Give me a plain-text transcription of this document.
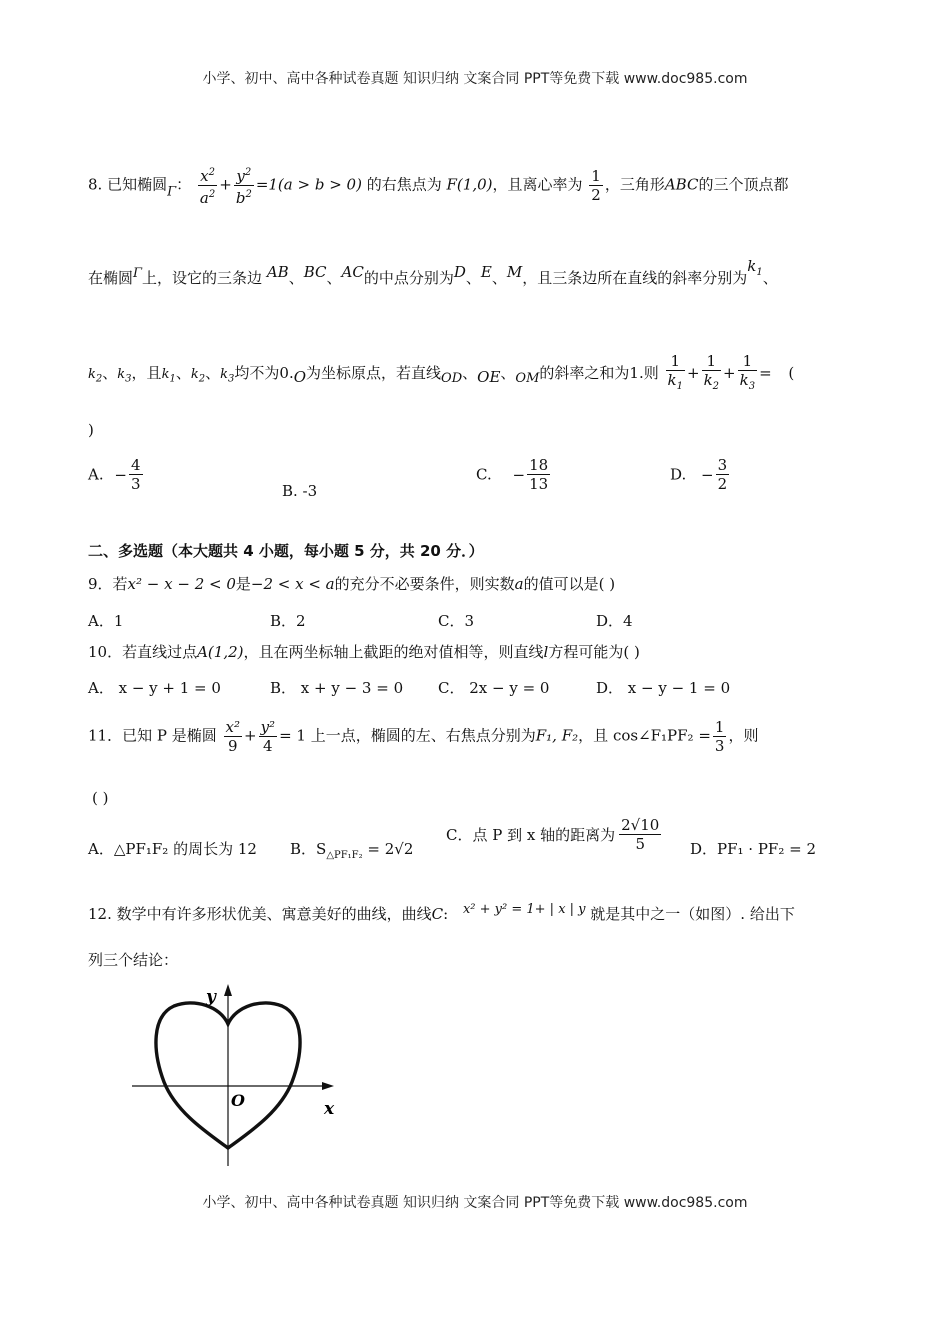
小学、初中、高中各种试卷真题 知识归纳 文案合同 PPT等免费下载 www.doc985.com
8. 已知椭圆Γ： $\frac{x^2}{a^2} + \frac{y^2}{b^2} =1(a > b > 0)$ 的右焦点为 F(1,0)，且离心率为 $\frac{1}{2}$ ，三角形ABC的三个顶点都
在椭圆Γ上，设它的三条边 AB、BC、AC的中点分别为D、E、M，且三条边所在直线的斜率分别为$k_1$、
$k_2$、$k_3$，且$k_1$、$k_2$、$k_3$均不为0.O为坐标原点，若直线OD、OE、OM的斜率之和为1.则 $\frac{1}{k_1} + \frac{1}{k_2} + \frac{1}{k_3}$ = (
)
A. − $\frac{4}{3}$	B. -3
C. − $\frac{18}{13}$	D. − $\frac{3}{2}$
二、多选题（本大题共 4 小题，每小题 5 分，共 20 分．）
9．若x² − x − 2 < 0是−2 < x < a的充分不必要条件，则实数a的值可以是( )
A．1	B．2	C．3	D．4
10．若直线过点A(1,2)，且在两坐标轴上截距的绝对值相等，则直线l方程可能为( )
A． x − y + 1 = 0	B． x + y − 3 = 0 C． 2x − y = 0	D． x − y − 1 = 0
11．已知 P 是椭圆 $\frac{\text{x²}}{9} + \frac{\text{y²}}{4} = 1$ 上一点，椭圆的左、右焦点分别为F₁, F₂，且 cos∠F₁PF₂ = $\frac{1}{3}$ ，则
( )
A．△PF₁F₂ 的周长为 12 B．$S_{\triangle PF_1F_2} = 2√2$
C．点 P 到 x 轴的距离为 $\frac{2√10}{5}$ D．PF₁ · PF₂ = 2
12. 数学中有许多形状优美、寓意美好的曲线，曲线C: x² + y² = 1+ | x | y 就是其中之一（如图）. 给出下
列三个结论：
y
x
O
小学、初中、高中各种试卷真题 知识归纳 文案合同 PPT等免费下载 www.doc985.com
